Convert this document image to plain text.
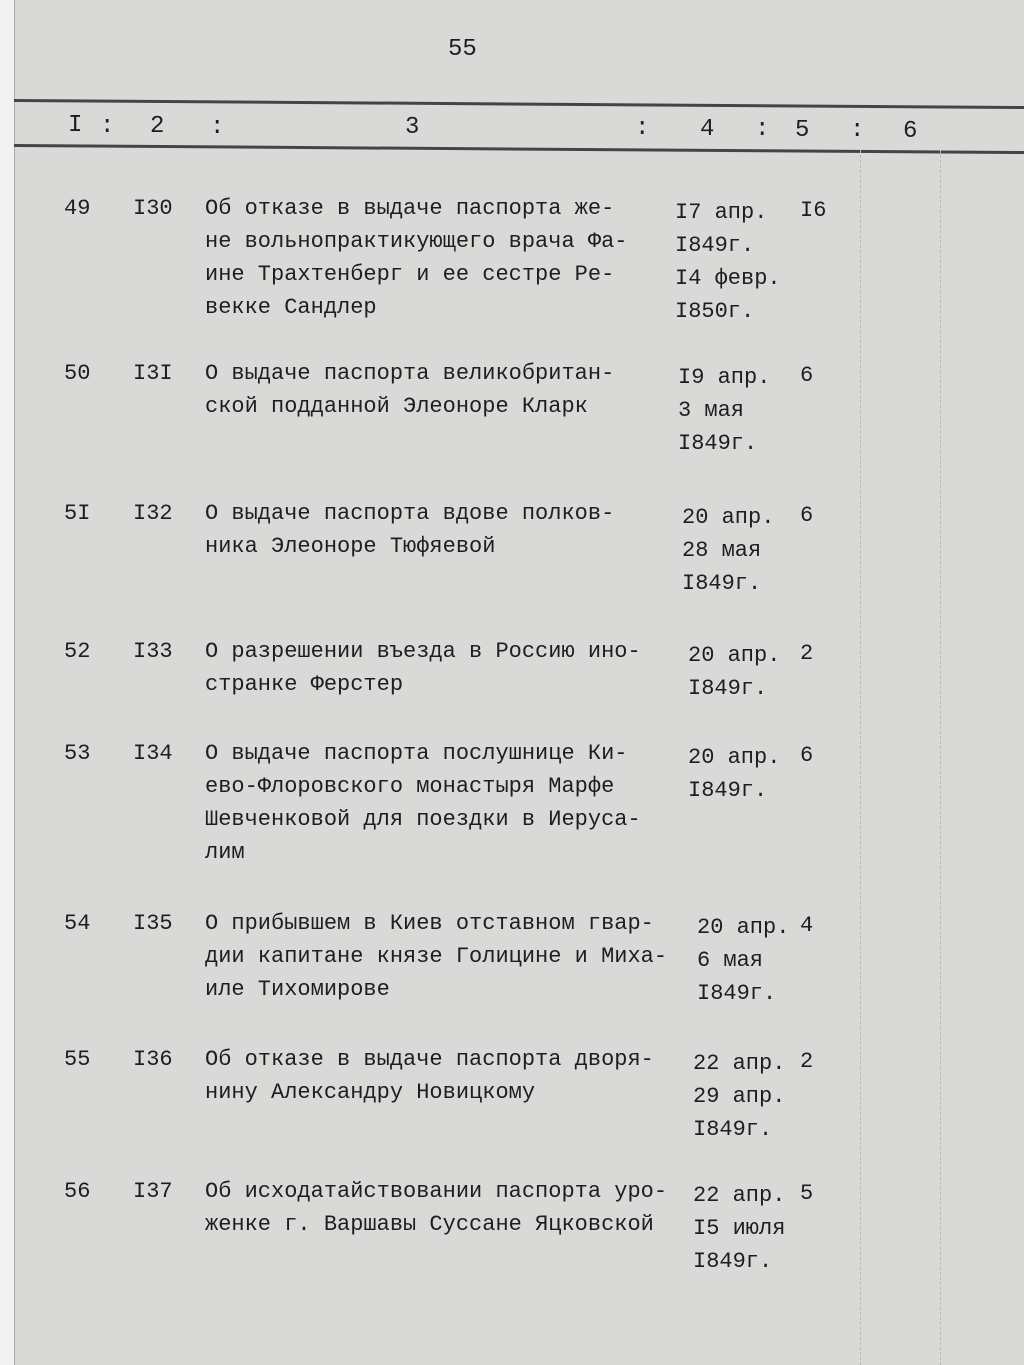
55
I : 2 :	3	: 4 : 5 : 6
49 I30 Об отказе в выдаче паспорта же-
не вольнопрактикующего врача Фа-
ине Трахтенберг и ее сестре Ре-
векке Сандлер
I7 апр.
I849г.
I4 февр.
I850г.
I6
50 I3I О выдаче паспорта великобритан-
ской подданной Элеоноре Кларк
I9 апр.
3 мая
I849г.
6
5I I32 О выдаче паспорта вдове полков-
ника Элеоноре Тюфяевой
20 апр.
28 мая
I849г.
6
52 I33 О разрешении въезда в Россию ино-
странке Ферстер
20 апр.
I849г.
2
53 I34 О выдаче паспорта послушнице Ки-
ево-Флоровского монастыря Марфе
Шевченковой для поездки в Иеруса-
лим
20 апр.
I849г.
6
54 I35 О прибывшем в Киев отставном гвар-
дии капитане князе Голицине и Миха-
иле Тихомирове
20 апр.
6 мая
I849г.
4
55 I36 Об отказе в выдаче паспорта дворя-
нину Александру Новицкому
22 апр.
29 апр.
I849г.
2
56 I37 Об исходатайствовании паспорта уро-
женке г. Варшавы Суссане Яцковской
22 апр.
I5 июля
I849г.
5
